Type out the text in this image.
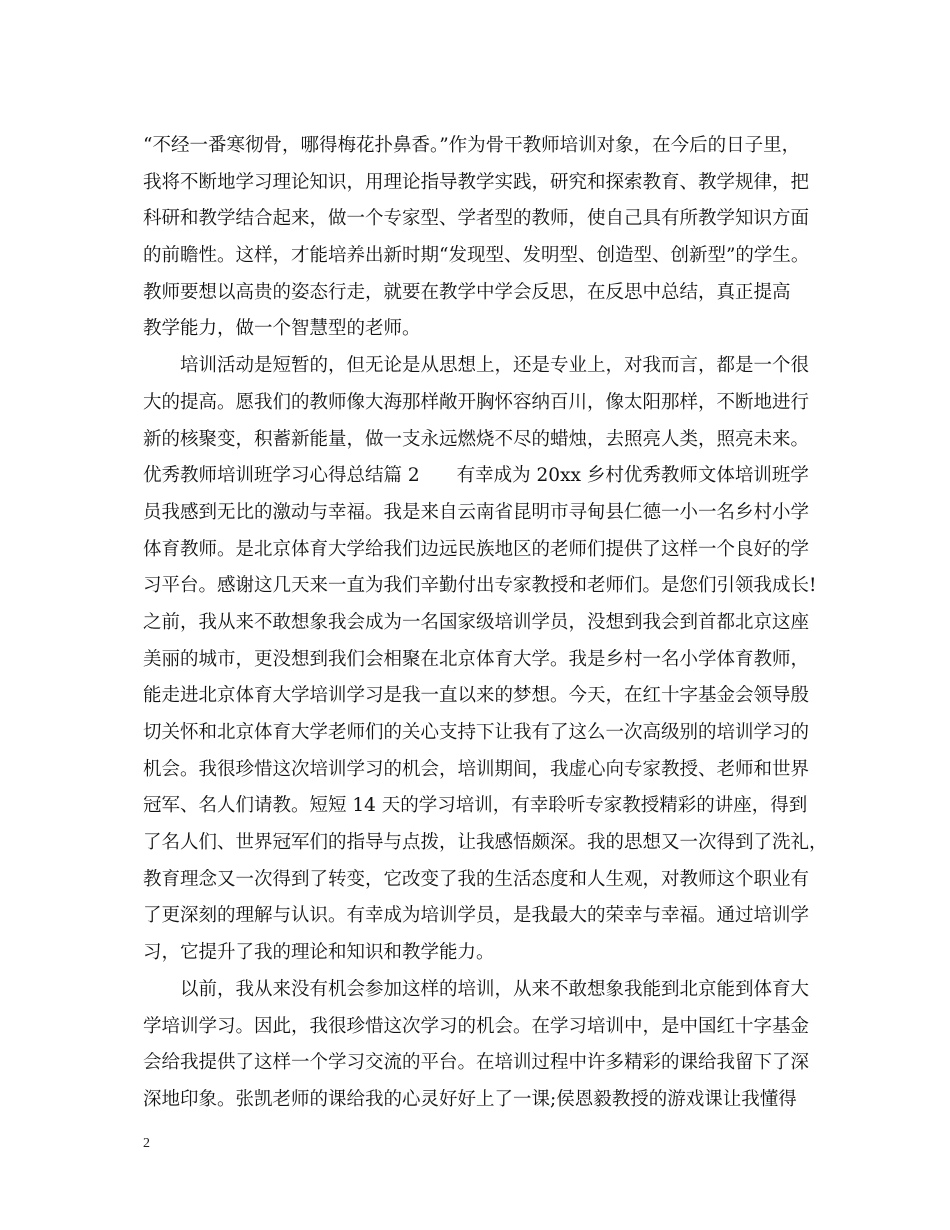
“不经一番寒彻骨，哪得梅花扑鼻香。”作为骨干教师培训对象，在今后的日子里，
我将不断地学习理论知识，用理论指导教学实践，研究和探索教育、教学规律，把
科研和教学结合起来，做一个专家型、学者型的教师，使自己具有所教学知识方面
的前瞻性。这样，才能培养出新时期“发现型、发明型、创造型、创新型”的学生。
教师要想以高贵的姿态行走，就要在教学中学会反思，在反思中总结，真正提高
教学能力，做一个智慧型的老师。
　　培训活动是短暂的，但无论是从思想上，还是专业上，对我而言，都是一个很
大的提高。愿我们的教师像大海那样敞开胸怀容纳百川，像太阳那样，不断地进行
新的核聚变，积蓄新能量，做一支永远燃烧不尽的蜡烛，去照亮人类，照亮未来。
优秀教师培训班学习心得总结篇 2　　有幸成为 20xx 乡村优秀教师文体培训班学
员我感到无比的激动与幸福。我是来自云南省昆明市寻甸县仁德一小一名乡村小学
体育教师。是北京体育大学给我们边远民族地区的老师们提供了这样一个良好的学
习平台。感谢这几天来一直为我们辛勤付出专家教授和老师们。是您们引领我成长!
之前，我从来不敢想象我会成为一名国家级培训学员，没想到我会到首都北京这座
美丽的城市，更没想到我们会相聚在北京体育大学。我是乡村一名小学体育教师，
能走进北京体育大学培训学习是我一直以来的梦想。今天，在红十字基金会领导殷
切关怀和北京体育大学老师们的关心支持下让我有了这么一次高级别的培训学习的
机会。我很珍惜这次培训学习的机会，培训期间，我虚心向专家教授、老师和世界
冠军、名人们请教。短短 14 天的学习培训，有幸聆听专家教授精彩的讲座，得到
了名人们、世界冠军们的指导与点拨，让我感悟颇深。我的思想又一次得到了洗礼，
教育理念又一次得到了转变，它改变了我的生活态度和人生观，对教师这个职业有
了更深刻的理解与认识。有幸成为培训学员，是我最大的荣幸与幸福。通过培训学
习，它提升了我的理论和知识和教学能力。
　　以前，我从来没有机会参加这样的培训，从来不敢想象我能到北京能到体育大
学培训学习。因此，我很珍惜这次学习的机会。在学习培训中，是中国红十字基金
会给我提供了这样一个学习交流的平台。在培训过程中许多精彩的课给我留下了深
深地印象。张凯老师的课给我的心灵好好上了一课;侯恩毅教授的游戏课让我懂得
2
